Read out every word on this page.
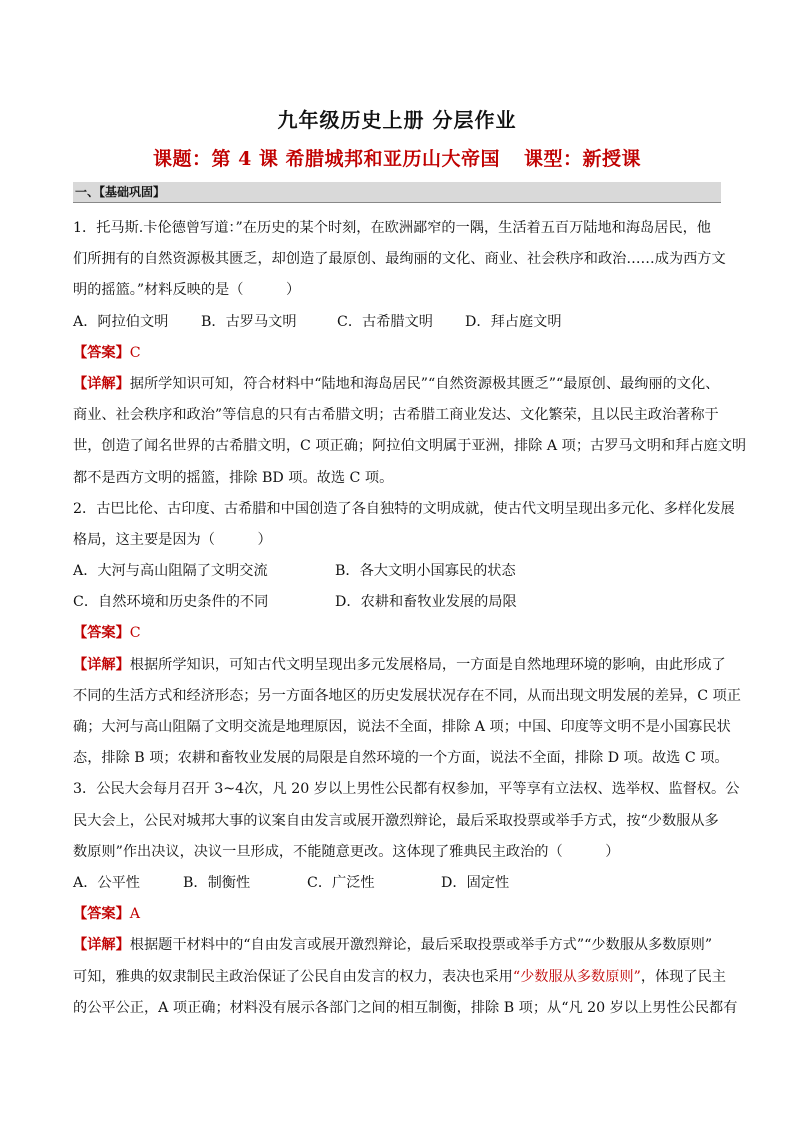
九年级历史上册 分层作业
课题：第 4 课 希腊城邦和亚历山大帝国 课型：新授课
一、【基础巩固】
1．托马斯.卡伦德曾写道：”在历史的某个时刻，在欧洲鄙窄的一隅，生活着五百万陆地和海岛居民，他
们所拥有的自然资源极其匮乏，却创造了最原创、最绚丽的文化、商业、社会秩序和政治……成为西方文
明的摇篮。”材料反映的是（　　　）
A．阿拉伯文明	B．古罗马文明	C．古希腊文明	D．拜占庭文明
【答案】C
【详解】据所学知识可知，符合材料中“陆地和海岛居民”“自然资源极其匮乏”“最原创、最绚丽的文化、
商业、社会秩序和政治”等信息的只有古希腊文明；古希腊工商业发达、文化繁荣，且以民主政治著称于
世，创造了闻名世界的古希腊文明，C 项正确；阿拉伯文明属于亚洲，排除 A 项；古罗马文明和拜占庭文明
都不是西方文明的摇篮，排除 BD 项。故选 C 项。
2．古巴比伦、古印度、古希腊和中国创造了各自独特的文明成就，使古代文明呈现出多元化、多样化发展
格局，这主要是因为（　　　）
A．大河与高山阻隔了文明交流	B．各大文明小国寡民的状态
C．自然环境和历史条件的不同	D．农耕和畜牧业发展的局限
【答案】C
【详解】根据所学知识，可知古代文明呈现出多元发展格局，一方面是自然地理环境的影响，由此形成了
不同的生活方式和经济形态；另一方面各地区的历史发展状况存在不同，从而出现文明发展的差异，C 项正
确；大河与高山阻隔了文明交流是地理原因，说法不全面，排除 A 项；中国、印度等文明不是小国寡民状
态，排除 B 项；农耕和畜牧业发展的局限是自然环境的一个方面，说法不全面，排除 D 项。故选 C 项。
3．公民大会每月召开 3~4次，凡 20 岁以上男性公民都有权参加，平等享有立法权、选举权、监督权。公
民大会上，公民对城邦大事的议案自由发言或展开激烈辩论，最后采取投票或举手方式，按“少数服从多
数原则”作出决议，决议一旦形成，不能随意更改。这体现了雅典民主政治的（　　　）
A．公平性	B．制衡性	C．广泛性	D．固定性
【答案】A
【详解】根据题干材料中的“自由发言或展开激烈辩论，最后采取投票或举手方式”“少数服从多数原则”
可知，雅典的奴隶制民主政治保证了公民自由发言的权力，表决也采用“少数服从多数原则”，体现了民主
的公平公正，A 项正确；材料没有展示各部门之间的相互制衡，排除 B 项；从“凡 20 岁以上男性公民都有
